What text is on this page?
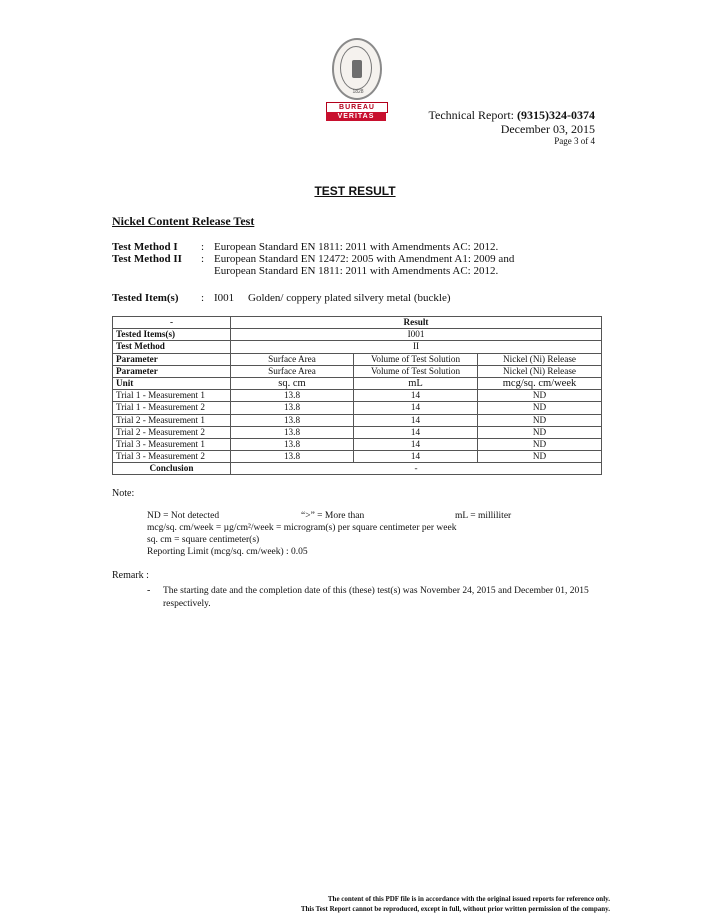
1828
BUREAU
VERITAS	Technical Report: (9315)324-0374
December 03, 2015
Page 3 of 4
TEST RESULT
Nickel Content Release Test
Test Method I : European Standard EN 1811: 2011 with Amendments AC: 2012.
Test Method II : European Standard EN 12472: 2005 with Amendment A1: 2009 and
European Standard EN 1811: 2011 with Amendments AC: 2012.
Tested Item(s) : I001 Golden/ coppery plated silvery metal (buckle)
-	Result		
Tested Items(s)	I001		
Test Method	II		
Parameter	Surface Area	Volume of Test Solution	Nickel (Ni) Release
Parameter	Surface Area	Volume of Test Solution	Nickel (Ni) Release
Unit	sq. cm	mL	mcg/sq. cm/week
Trial 1 - Measurement 1	13.8	14	ND
Trial 1 - Measurement 2	13.8	14	ND
Trial 2 - Measurement 1	13.8	14	ND
Trial 2 - Measurement 2	13.8	14	ND
Trial 3 - Measurement 1	13.8	14	ND
Trial 3 - Measurement 2	13.8	14	ND
Conclusion	-		
Note:
ND = Not detected	“>” = More than	mL = milliliter
mcg/sq. cm/week = µg/cm²/week = microgram(s) per square centimeter per week
sq. cm = square centimeter(s)
Reporting Limit (mcg/sq. cm/week) : 0.05
Remark :
- The starting date and the completion date of this (these) test(s) was November 24, 2015 and December 01, 2015 respectively.
The content of this PDF file is in accordance with the original issued reports for reference only.
This Test Report cannot be reproduced, except in full, without prior written permission of the company.
